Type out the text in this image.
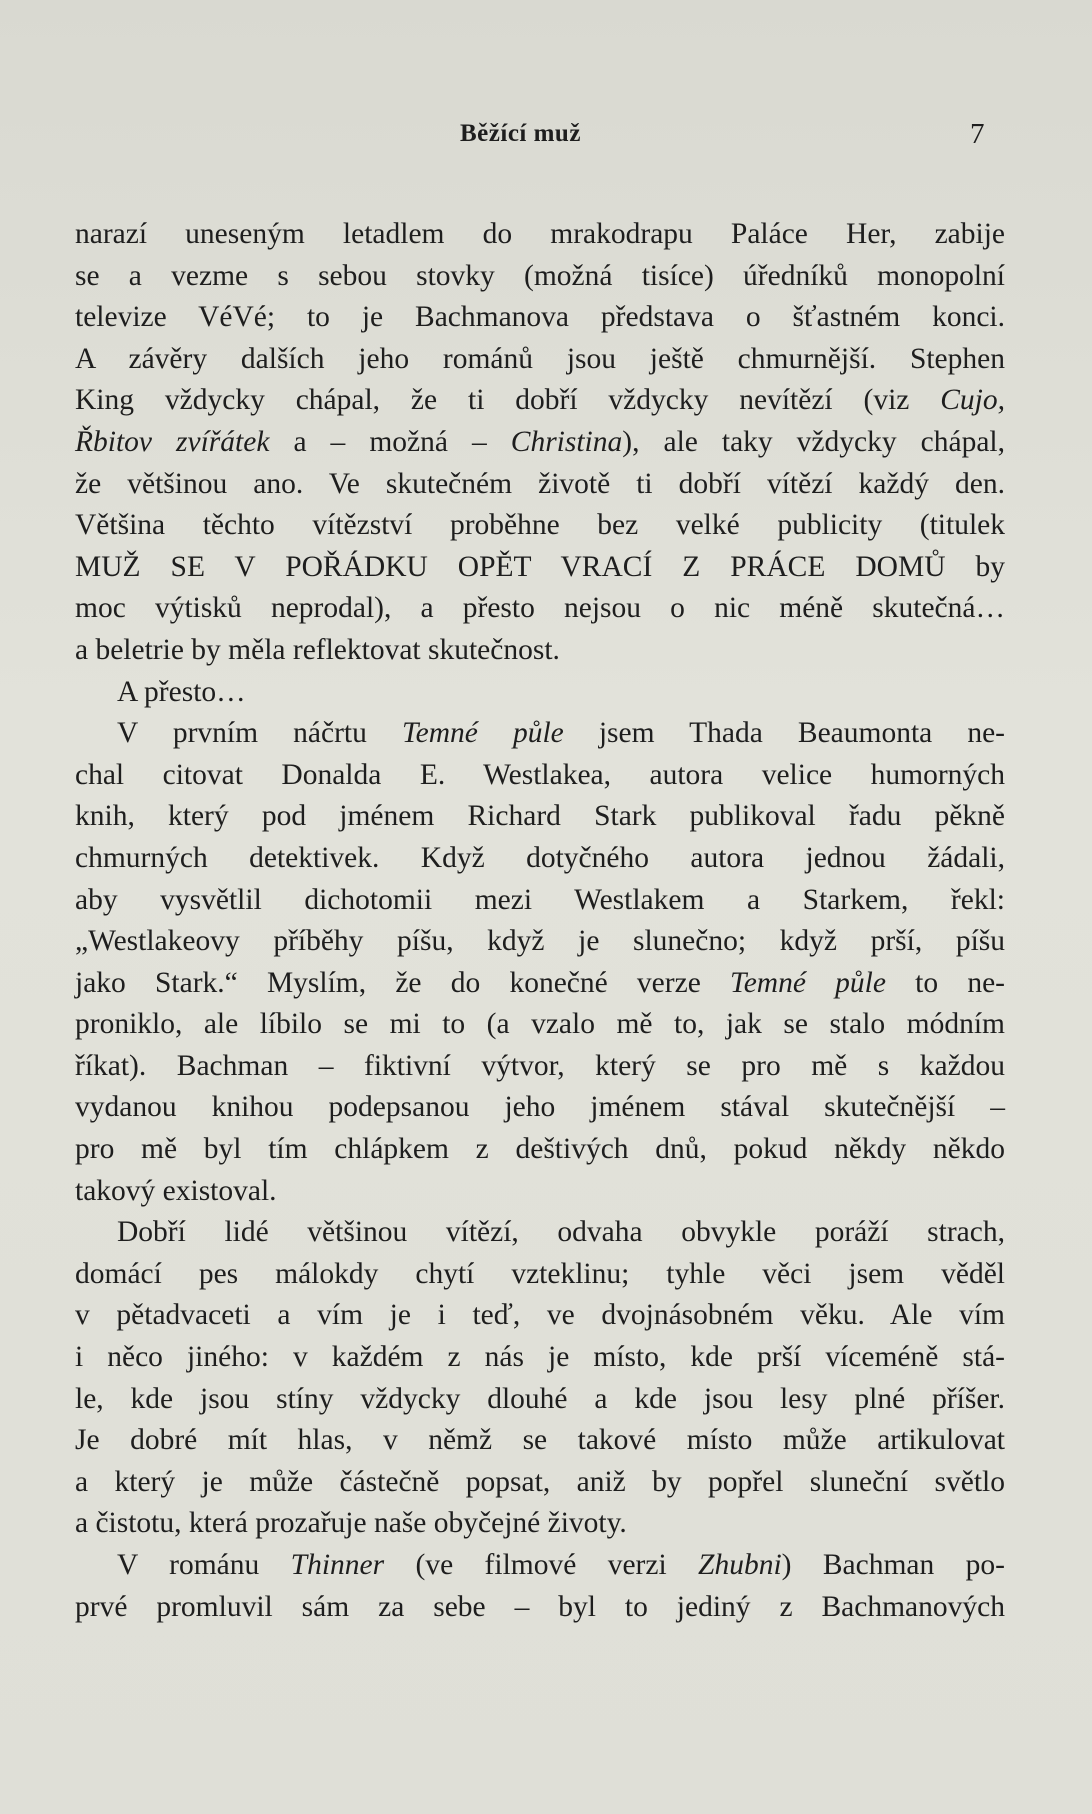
Běžící muž	7
narazí uneseným letadlem do mrakodrapu Paláce Her, zabije
se a vezme s sebou stovky (možná tisíce) úředníků monopolní
televize VéVé; to je Bachmanova představa o šťastném konci.
A závěry dalších jeho románů jsou ještě chmurnější. Stephen
King vždycky chápal, že ti dobří vždycky nevítězí (viz Cujo,
Řbitov zvířátek a – možná – Christina), ale taky vždycky chápal,
že většinou ano. Ve skutečném životě ti dobří vítězí každý den.
Většina těchto vítězství proběhne bez velké publicity (titulek
MUŽ SE V POŘÁDKU OPĚT VRACÍ Z PRÁCE DOMŮ by
moc výtisků neprodal), a přesto nejsou o nic méně skutečná…
a beletrie by měla reflektovat skutečnost.
A přesto…
V prvním náčrtu Temné půle jsem Thada Beaumonta ne-
chal citovat Donalda E. Westlakea, autora velice humorných
knih, který pod jménem Richard Stark publikoval řadu pěkně
chmurných detektivek. Když dotyčného autora jednou žádali,
aby vysvětlil dichotomii mezi Westlakem a Starkem, řekl:
„Westlakeovy příběhy píšu, když je slunečno; když prší, píšu
jako Stark.“ Myslím, že do konečné verze Temné půle to ne-
proniklo, ale líbilo se mi to (a vzalo mě to, jak se stalo módním
říkat). Bachman – fiktivní výtvor, který se pro mě s každou
vydanou knihou podepsanou jeho jménem stával skutečnější –
pro mě byl tím chlápkem z deštivých dnů, pokud někdy někdo
takový existoval.
Dobří lidé většinou vítězí, odvaha obvykle poráží strach,
domácí pes málokdy chytí vzteklinu; tyhle věci jsem věděl
v pětadvaceti a vím je i teď, ve dvojnásobném věku. Ale vím
i něco jiného: v každém z nás je místo, kde prší víceméně stá-
le, kde jsou stíny vždycky dlouhé a kde jsou lesy plné příšer.
Je dobré mít hlas, v němž se takové místo může artikulovat
a který je může částečně popsat, aniž by popřel sluneční světlo
a čistotu, která prozařuje naše obyčejné životy.
V románu Thinner (ve filmové verzi Zhubni) Bachman po-
prvé promluvil sám za sebe – byl to jediný z Bachmanových
